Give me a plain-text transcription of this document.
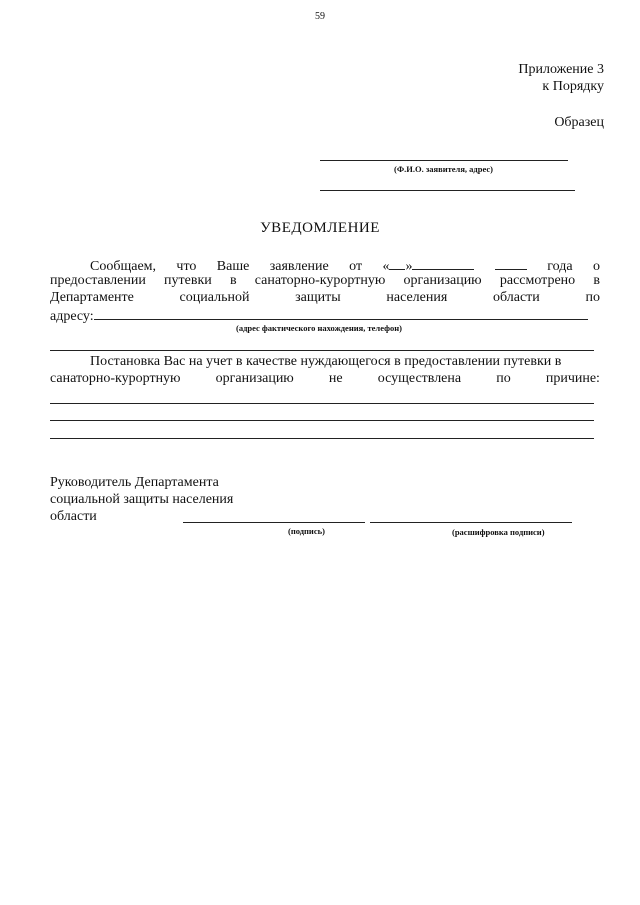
59
Приложение 3
к Порядку
Образец
(Ф.И.О. заявителя, адрес)
УВЕДОМЛЕНИЕ
Сообщаем, что Ваше заявление от « »	года о
предоставлении путевки в санаторно-курортную организацию рассмотрено в
Департаменте	социальной	защиты	населения	области	по
адресу:
(адрес фактического нахождения, телефон)
Постановка Вас на учет в качестве нуждающегося в предоставлении путевки в
санаторно-курортную	организацию	не	осуществлена	по	причине:
Руководитель Департамента
социальной защиты населения
области
(подпись)	(расшифровка подписи)
